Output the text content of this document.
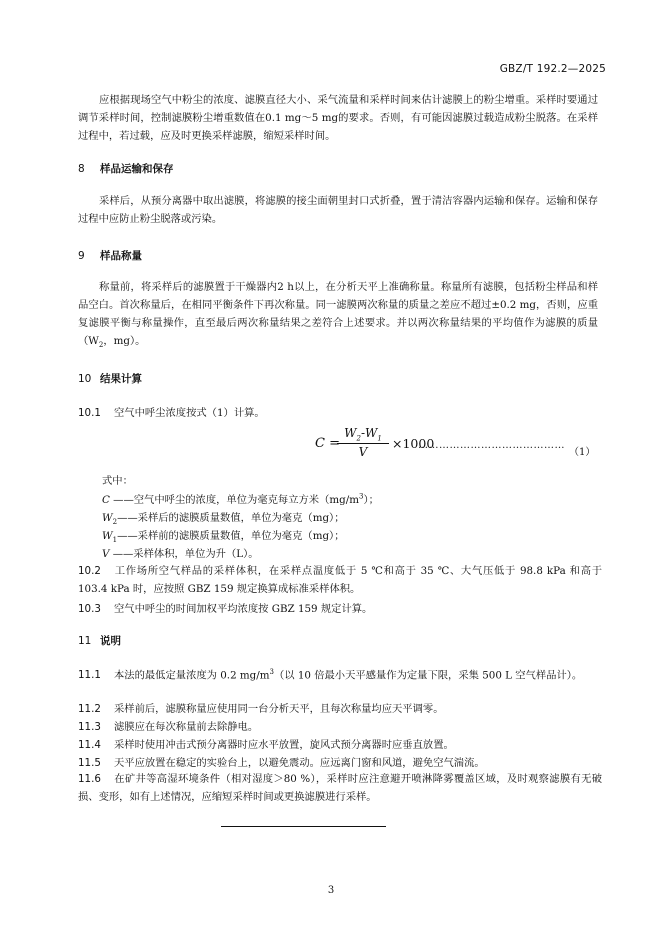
GBZ/T 192.2—2025
应根据现场空气中粉尘的浓度、滤膜直径大小、采气流量和采样时间来估计滤膜上的粉尘增重。采样时要通过调节采样时间，控制滤膜粉尘增重数值在0.1 mg～5 mg的要求。否则，有可能因滤膜过载造成粉尘脱落。在采样过程中，若过载，应及时更换采样滤膜，缩短采样时间。
8 样品运输和保存
采样后，从预分离器中取出滤膜，将滤膜的接尘面朝里封口式折叠，置于清洁容器内运输和保存。运输和保存过程中应防止粉尘脱落或污染。
9 样品称量
称量前，将采样后的滤膜置于干燥器内2 h以上，在分析天平上准确称量。称量所有滤膜，包括粉尘样品和样品空白。首次称量后，在相同平衡条件下再次称量。同一滤膜两次称量的质量之差应不超过±0.2 mg，否则，应重复滤膜平衡与称量操作，直至最后两次称量结果之差符合上述要求。并以两次称量结果的平均值作为滤膜的质量（$W_2$，mg）。
10 结果计算
10.1 空气中呼尘浓度按式（1）计算。
C =
$\frac{W_2-W_1}{V} \times 1000$
……………………………………
（1）
式中：
C ——空气中呼尘的浓度，单位为毫克每立方米$(mg/m^3)$；
$W_2——$采样后的滤膜质量数值，单位为毫克（mg）；
$W_1——$采样前的滤膜质量数值，单位为毫克（mg）；
V ——采样体积，单位为升（L）。
10.2 工作场所空气样品的采样体积，在采样点温度低于 5 ℃和高于 35 ℃、大气压低于 98.8 kPa 和高于 103.4 kPa 时，应按照 GBZ 159 规定换算成标准采样体积。
10.3 空气中呼尘的时间加权平均浓度按 GBZ 159 规定计算。
11 说明
11.1 本法的最低定量浓度为 0.2 $mg/m^3$（以 10 倍最小天平感量作为定量下限，采集 500 L 空气样品计）。
11.2 采样前后，滤膜称量应使用同一台分析天平，且每次称量均应天平调零。
11.3 滤膜应在每次称量前去除静电。
11.4 采样时使用冲击式预分离器时应水平放置，旋风式预分离器时应垂直放置。
11.5 天平应放置在稳定的实验台上，以避免震动。应远离门窗和风道，避免空气湍流。
11.6 在矿井等高湿环境条件（相对湿度＞80 %），采样时应注意避开喷淋降雾覆盖区域，及时观察滤膜有无破损、变形，如有上述情况，应缩短采样时间或更换滤膜进行采样。
3
